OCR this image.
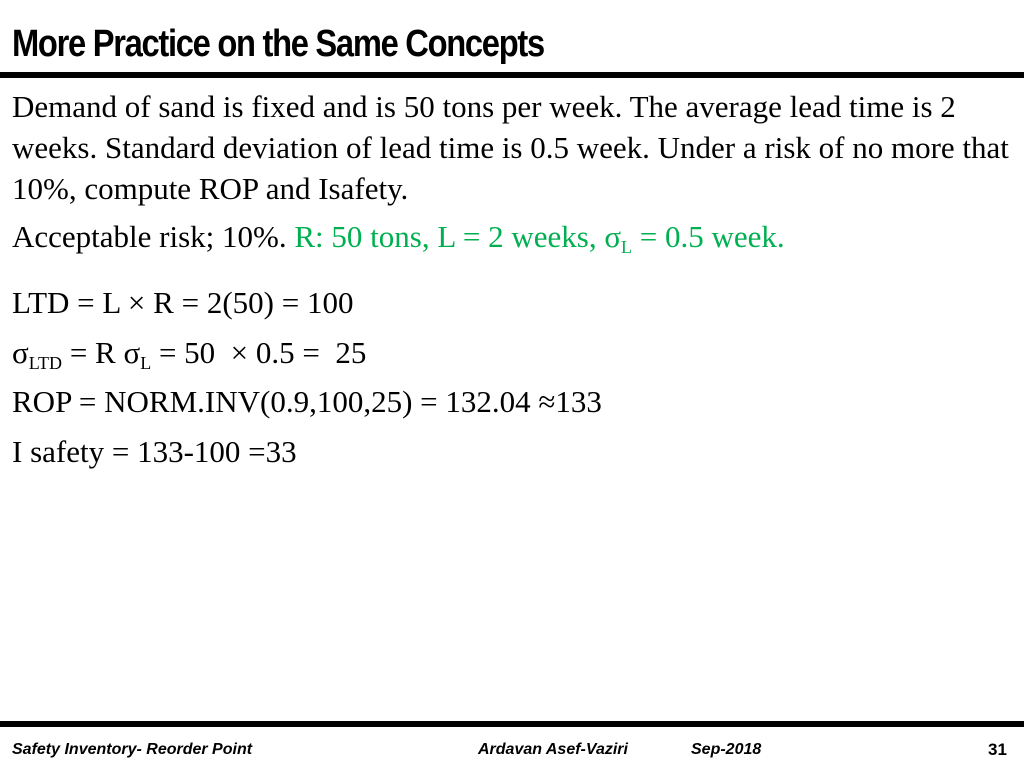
More Practice on the Same Concepts

Demand of sand is fixed and is 50 tons per week. The average lead time is 2 weeks. Standard deviation of lead time is 0.5 week. Under a risk of no more that 10%, compute ROP and Isafety.

Acceptable risk; 10%. R: 50 tons, L = 2 weeks, $\sigma_L = 0.5$ week.

LTD = L × R = 2(50) = 100

$\sigma_{LTD} = R$ $\sigma_L = 50 \times 0.5 = 25$

ROP = NORM.INV(0.9,100,25) = 132.04 ≈133

I safety = 133-100 =33

Safety Inventory- Reorder Point	Ardavan Asef-Vaziri	Sep-2018	31
